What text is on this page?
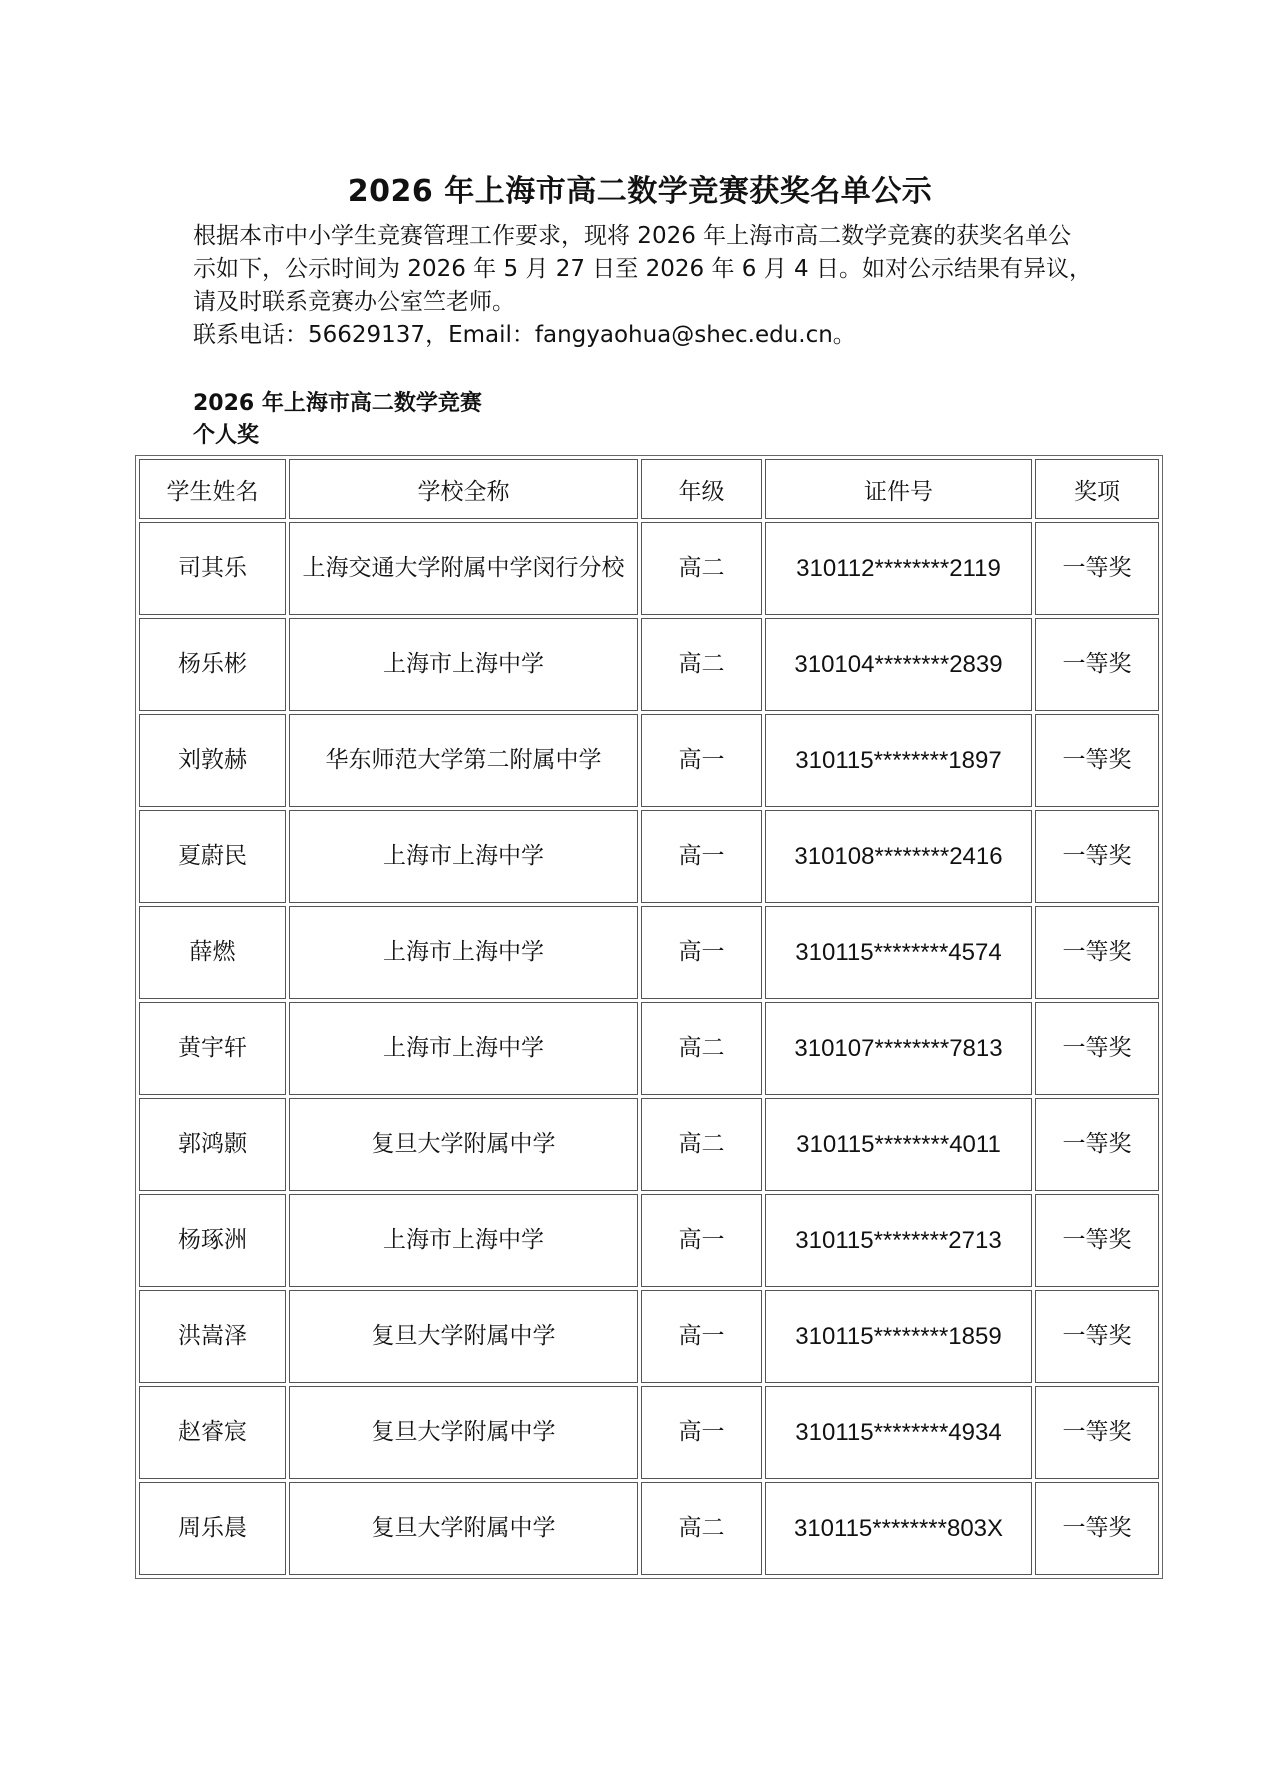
2026 年上海市高二数学竞赛获奖名单公示

根据本市中小学生竞赛管理工作要求，现将 2026 年上海市高二数学竞赛的获奖名单公示如下，公示时间为 2026 年 5 月 27 日至 2026 年 6 月 4 日。如对公示结果有异议，请及时联系竞赛办公室竺老师。

联系电话：56629137，Email：fangyaohua@shec.edu.cn。

2026 年上海市高二数学竞赛
个人奖
学生姓名	学校全称	年级	证件号	奖项
司其乐	上海交通大学附属中学闵行分校	高二	310112********2119	一等奖
杨乐彬	上海市上海中学	高二	310104********2839	一等奖
刘敦赫	华东师范大学第二附属中学	高一	310115********1897	一等奖
夏蔚民	上海市上海中学	高一	310108********2416	一等奖
薛燃	上海市上海中学	高一	310115********4574	一等奖
黄宇轩	上海市上海中学	高二	310107********7813	一等奖
郭鸿颢	复旦大学附属中学	高二	310115********4011	一等奖
杨琢洲	上海市上海中学	高一	310115********2713	一等奖
洪嵩泽	复旦大学附属中学	高一	310115********1859	一等奖
赵睿宸	复旦大学附属中学	高一	310115********4934	一等奖
周乐晨	复旦大学附属中学	高二	310115********803X	一等奖
